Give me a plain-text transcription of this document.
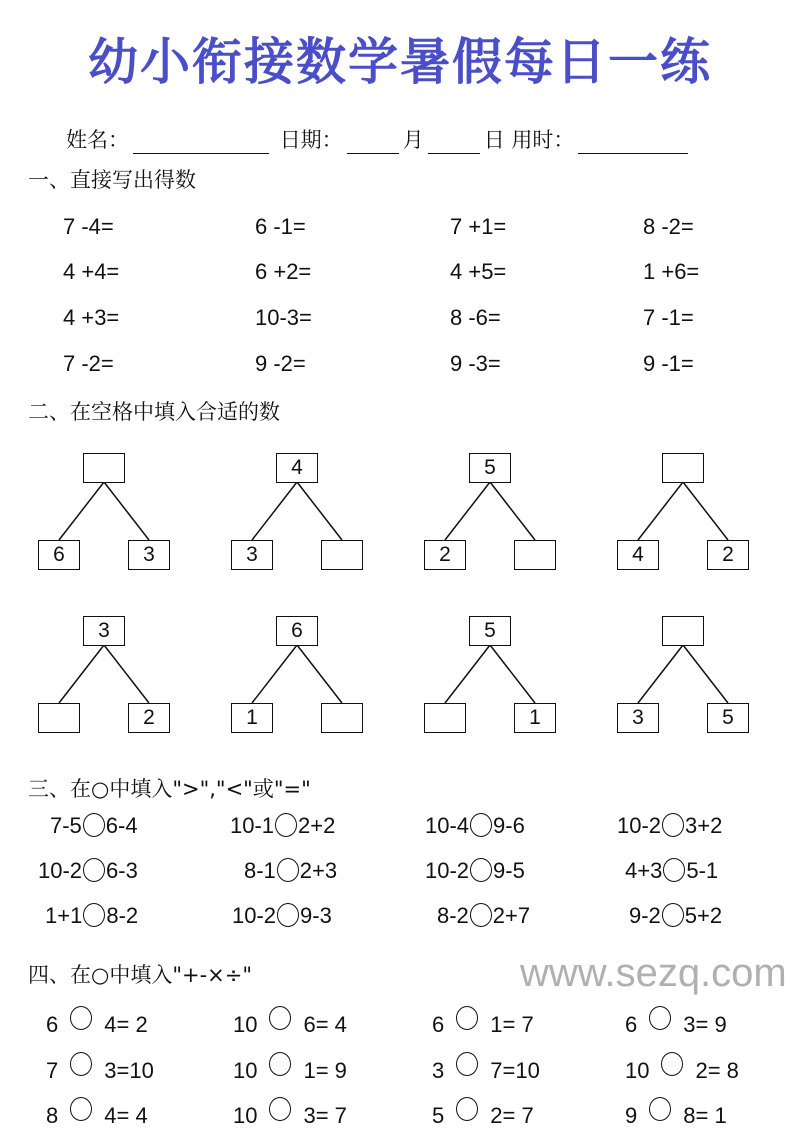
幼小衔接数学暑假每日一练
姓名：	日期：	月	日 用时：
一、直接写出得数
二、在空格中填入合适的数
三、在○中填入">","<"或"="
四、在○中填入"+-×÷"
7 -4=	6 -1=	7 +1=	8 -2=
4 +4=	6 +2=	4 +5=	1 +6=
4 +3=	10-3=	8 -6=	7 -1=
7 -2=	9 -2=	9 -3=	9 -1=
6	3
4
3
5
2	4	2
3
2
6
1
5
1	3	5
7-5 6-4	10-1 2+2	10-4 9-6	10-2 3+2
10-2 6-3	8-1 2+3	10-2 9-5	4+3 5-1
1+1 8-2	10-2 9-3	8-2 2+7	9-2 5+2
6 4= 2	10 6= 4	6 1= 7	6 3= 9
7 3=10	10 1= 9	3 7=10	10 2= 8
8 4= 4	10 3= 7	5 2= 7	9 8= 1
www.sezq.com
